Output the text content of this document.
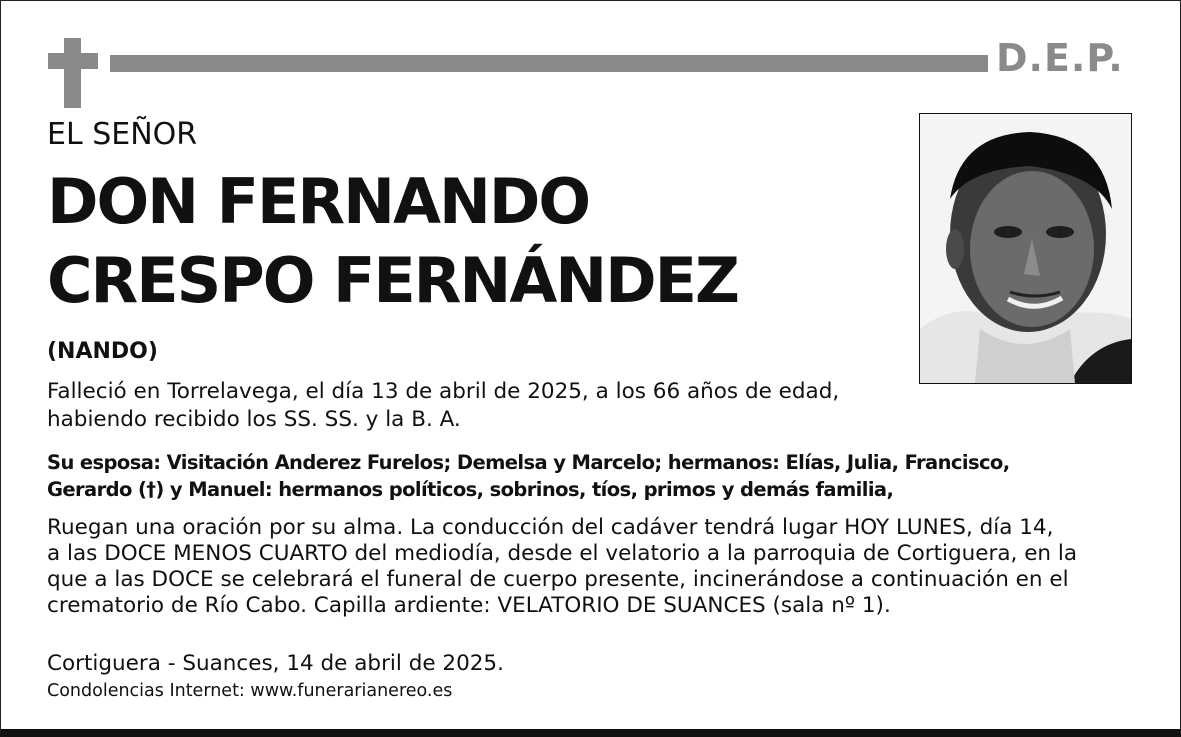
D.E.P.
EL SEÑOR
DON FERNANDO
CRESPO FERNÁNDEZ
(NANDO)
Falleció en Torrelavega, el día 13 de abril de 2025, a los 66 años de edad,
habiendo recibido los SS. SS. y la B. A.
Su esposa: Visitación Anderez Furelos; Demelsa y Marcelo; hermanos: Elías, Julia, Francisco,
Gerardo (†) y Manuel: hermanos políticos, sobrinos, tíos, primos y demás familia,
Ruegan una oración por su alma. La conducción del cadáver tendrá lugar HOY LUNES, día 14,
a las DOCE MENOS CUARTO del mediodía, desde el velatorio a la parroquia de Cortiguera, en la
que a las DOCE se celebrará el funeral de cuerpo presente, incinerándose a continuación en el
crematorio de Río Cabo. Capilla ardiente: VELATORIO DE SUANCES (sala nº 1).
Cortiguera - Suances, 14 de abril de 2025.
Condolencias Internet: www.funerarianereo.es
